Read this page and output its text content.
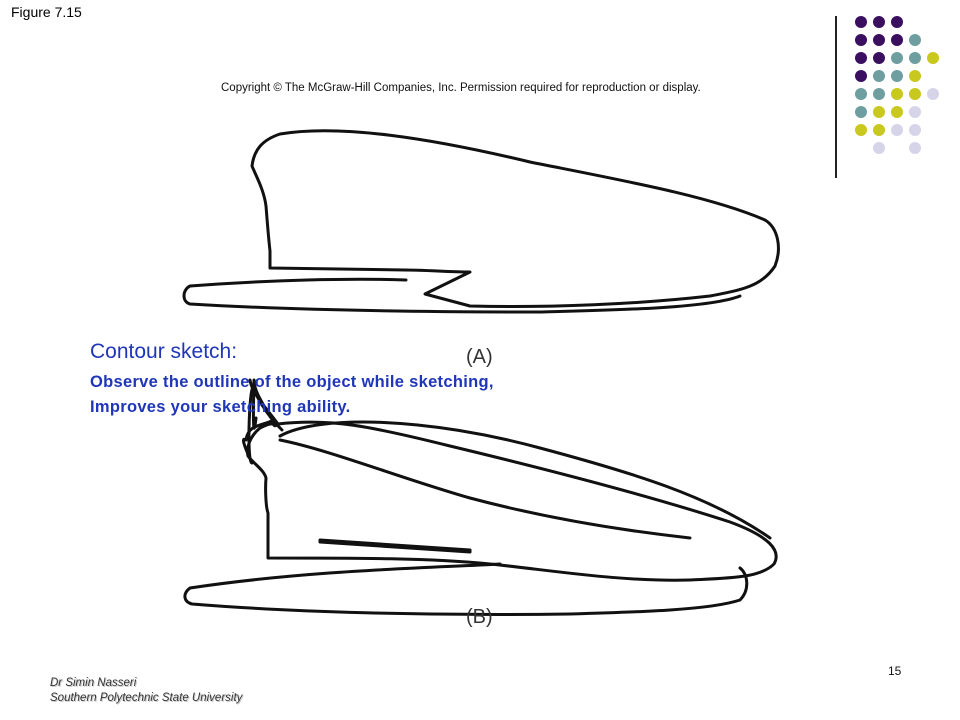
Figure 7.15
Copyright © The McGraw-Hill Companies, Inc. Permission required for reproduction or display.
(A)
(B)
Contour sketch:
Observe the outline of the object while sketching,
Improves your sketching ability.
15
Dr Simin Nasseri
Southern Polytechnic State University
